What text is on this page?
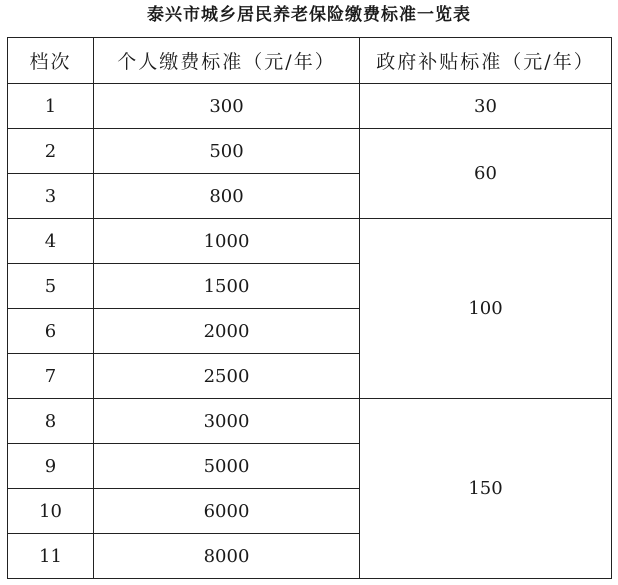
泰兴市城乡居民养老保险缴费标准一览表
档次	个人缴费标准（元/年）	政府补贴标准（元/年）
1	300	30
2	500	60
3	800	
4	1000	100
5	1500	
6	2000	
7	2500	
8	3000	150
9	5000	
10	6000	
11	8000	
